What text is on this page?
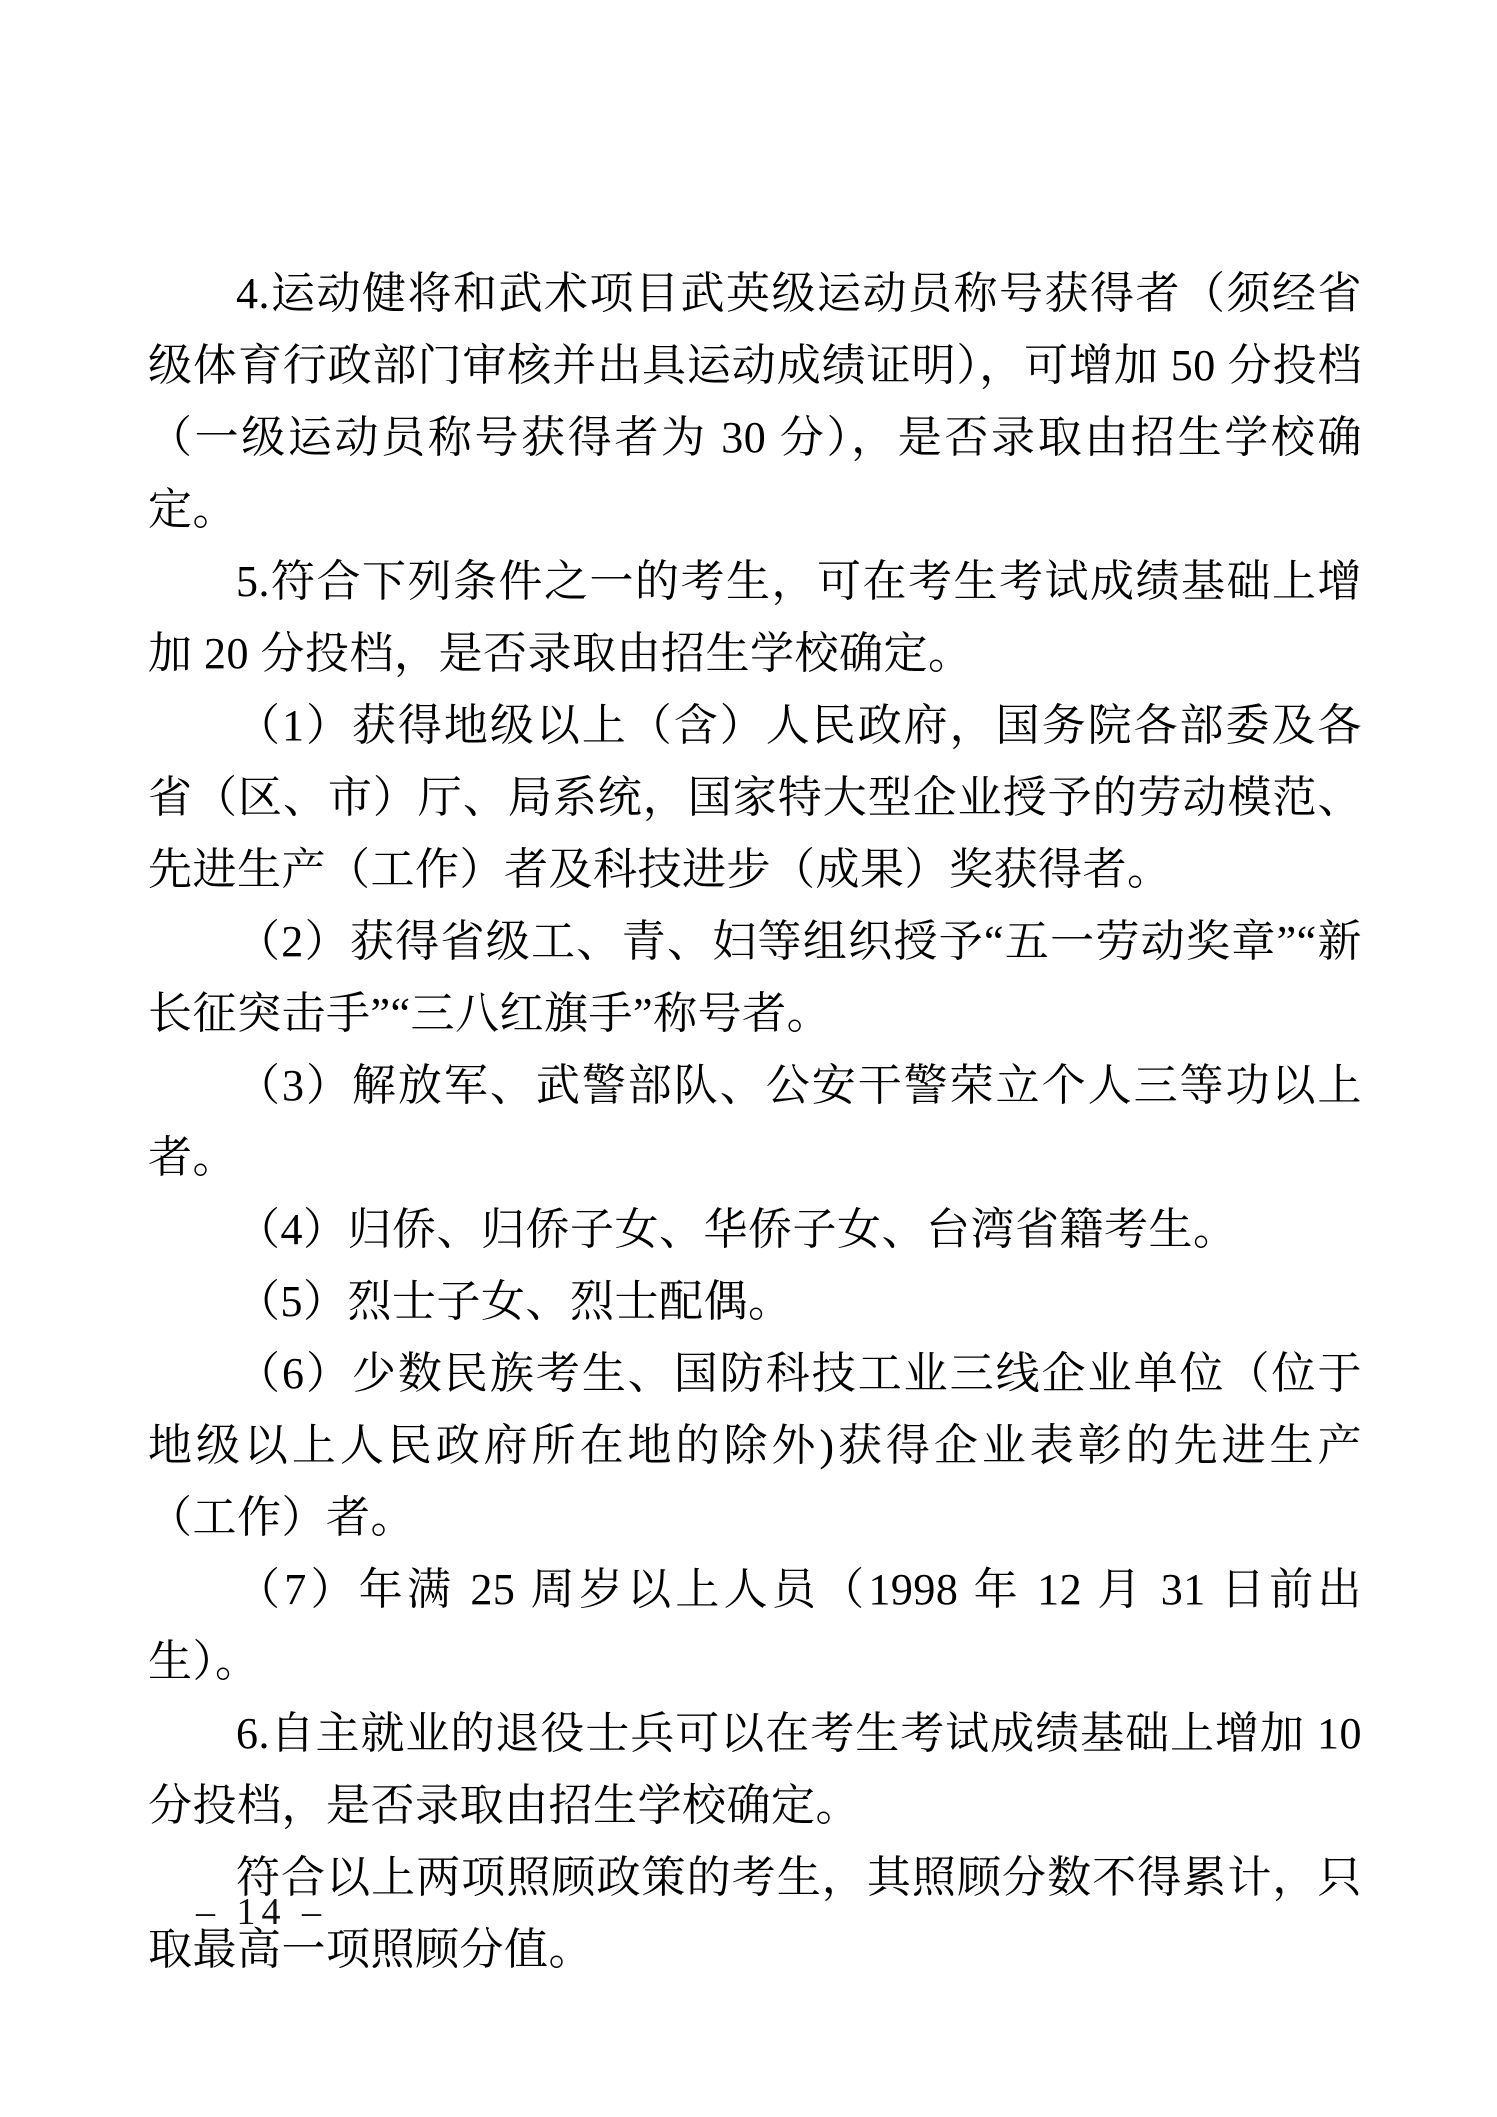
4.运动健将和武术项目武英级运动员称号获得者（须经省级体育行政部门审核并出具运动成绩证明），可增加 50 分投档（一级运动员称号获得者为 30 分），是否录取由招生学校确定。

5.符合下列条件之一的考生，可在考生考试成绩基础上增加 20 分投档，是否录取由招生学校确定。

（1）获得地级以上（含）人民政府，国务院各部委及各省（区、市）厅、局系统，国家特大型企业授予的劳动模范、先进生产（工作）者及科技进步（成果）奖获得者。

（2）获得省级工、青、妇等组织授予“五一劳动奖章”“新长征突击手”“三八红旗手”称号者。

（3）解放军、武警部队、公安干警荣立个人三等功以上者。

（4）归侨、归侨子女、华侨子女、台湾省籍考生。

（5）烈士子女、烈士配偶。

（6）少数民族考生、国防科技工业三线企业单位（位于地级以上人民政府所在地的除外)获得企业表彰的先进生产（工作）者。

（7）年满 25 周岁以上人员（1998 年 12 月 31 日前出生）。

6.自主就业的退役士兵可以在考生考试成绩基础上增加 10 分投档，是否录取由招生学校确定。

符合以上两项照顾政策的考生，其照顾分数不得累计，只取最高一项照顾分值。

– 14 –
